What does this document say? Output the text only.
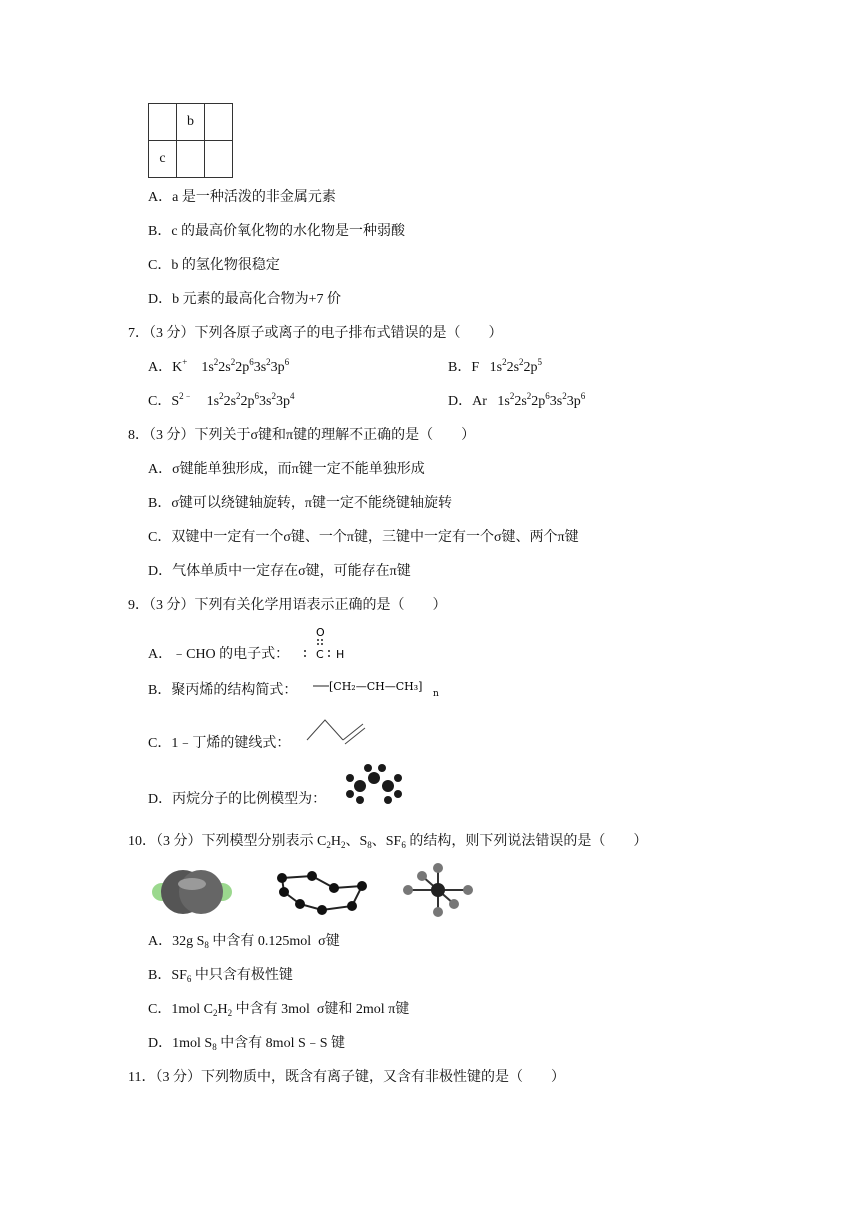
	b	
c		
A．a 是一种活泼的非金属元素
B．c 的最高价氧化物的水化物是一种弱酸
C．b 的氢化物很稳定
D．b 元素的最高化合物为+7 价
7．（3 分）下列各原子或离子的电子排布式错误的是（　　）
A．K+    $1s^22s^22p^63s^23p^6$	B．F   $1s^22s^22p^5$
C．$S^{2﹣}$    $1s^22s^22p^63s^23p^4$	D．Ar   $1s^22s^22p^63s^23p^6$
8．（3 分）下列关于σ键和π键的理解不正确的是（　　）
A．σ键能单独形成，而π键一定不能单独形成
B．σ键可以绕键轴旋转，π键一定不能绕键轴旋转
C．双键中一定有一个σ键、一个π键，三键中一定有一个σ键、两个π键
D．气体单质中一定存在σ键，可能存在π键
9．（3 分）下列有关化学用语表示正确的是（　　）
A．﹣CHO 的电子式：
O
C H
B．聚丙烯的结构简式：	[CH₂—CH—CH₃]
n
C．1﹣丁烯的键线式：
D．丙烷分子的比例模型为：
10．（3 分）下列模型分别表示 $C_2H_2$、$S_8$、$SF_6$ 的结构，则下列说法错误的是（　　）
A．32g $S_8$ 中含有 0.125mol  σ键
B．$SF_6$ 中只含有极性键
C．1mol $C_2H_2$ 中含有 3mol  σ键和 2mol π键
D．1mol $S_8$ 中含有 8mol S﹣S 键
11．（3 分）下列物质中，既含有离子键，又含有非极性键的是（　　）
